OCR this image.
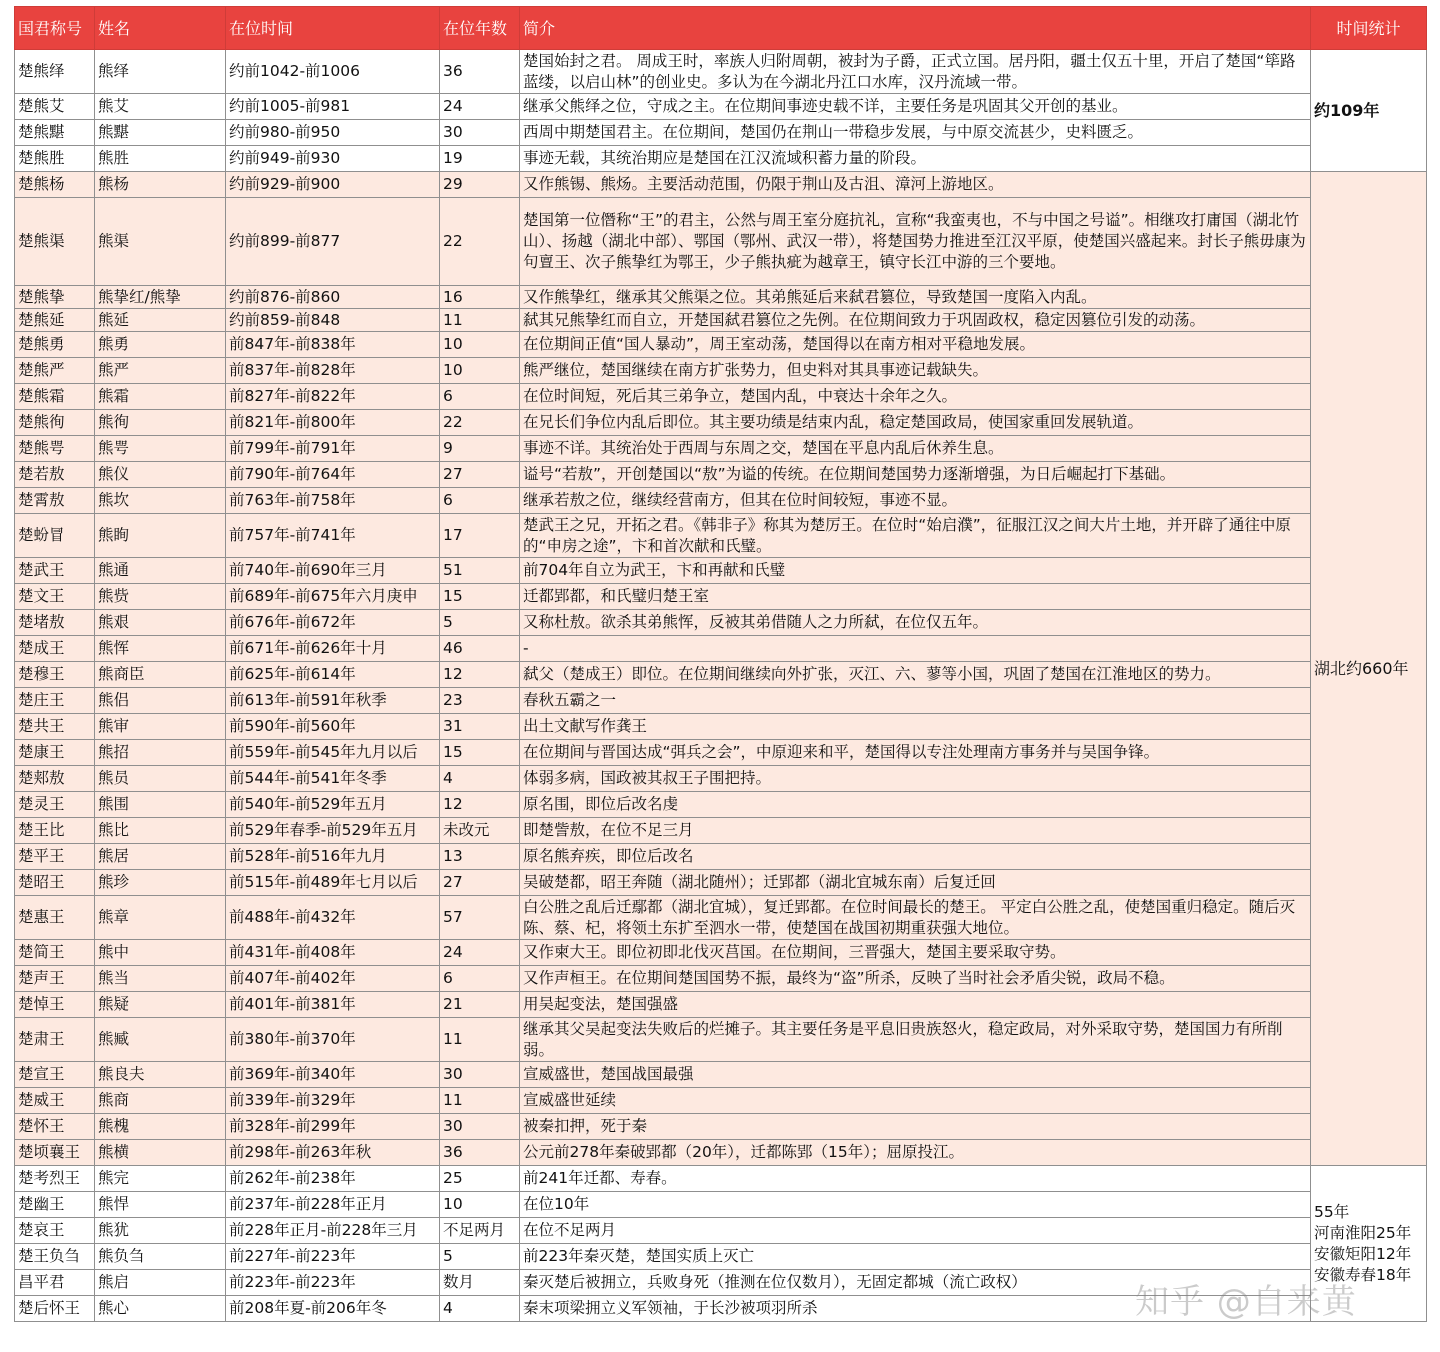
国君称号	姓名	在位时间	在位年数	简介	时间统计
楚熊绎	熊绎	约前1042-前1006	36	楚国始封之君。 周成王时，率族人归附周朝，被封为子爵，正式立国。居丹阳，疆土仅五十里，开启了楚国“筚路蓝缕，以启山林”的创业史。多认为在今湖北丹江口水库，汉丹流域一带。	约109年

楚熊艾	熊艾	约前1005-前981	24	继承父熊绎之位，守成之主。在位期间事迹史载不详，主要任务是巩固其父开创的基业。	
楚熊黮	熊黮	约前980-前950	30	西周中期楚国君主。在位期间，楚国仍在荆山一带稳步发展，与中原交流甚少，史料匮乏。	
楚熊胜	熊胜	约前949-前930	19	事迹无载，其统治期应是楚国在江汉流域积蓄力量的阶段。	
楚熊杨	熊杨	约前929-前900	29	又作熊锡、熊炀。主要活动范围，仍限于荆山及古沮、漳河上游地区。	湖北约660年

楚熊渠	熊渠	约前899-前877	22	楚国第一位僭称“王”的君主，公然与周王室分庭抗礼，宣称“我蛮夷也，不与中国之号谥”。相继攻打庸国（湖北竹山）、扬越（湖北中部）、鄂国（鄂州、武汉一带），将楚国势力推进至江汉平原，使楚国兴盛起来。封长子熊毋康为句亶王、次子熊挚红为鄂王，少子熊执疵为越章王，镇守长江中游的三个要地。	
楚熊挚	熊挚红/熊挚	约前876-前860	16	又作熊挚红，继承其父熊渠之位。其弟熊延后来弑君篡位，导致楚国一度陷入内乱。	
楚熊延	熊延	约前859-前848	11	弑其兄熊挚红而自立，开楚国弑君篡位之先例。在位期间致力于巩固政权，稳定因篡位引发的动荡。	
楚熊勇	熊勇	前847年-前838年	10	在位期间正值“国人暴动”，周王室动荡，楚国得以在南方相对平稳地发展。	
楚熊严	熊严	前837年-前828年	10	熊严继位，楚国继续在南方扩张势力，但史料对其具事迹记载缺失。	
楚熊霜	熊霜	前827年-前822年	6	在位时间短，死后其三弟争立，楚国内乱，中衰达十余年之久。	
楚熊徇	熊徇	前821年-前800年	22	在兄长们争位内乱后即位。其主要功绩是结束内乱，稳定楚国政局，使国家重回发展轨道。	
楚熊咢	熊咢	前799年-前791年	9	事迹不详。其统治处于西周与东周之交，楚国在平息内乱后休养生息。	
楚若敖	熊仪	前790年-前764年	27	谥号“若敖”，开创楚国以“敖”为谥的传统。在位期间楚国势力逐渐增强，为日后崛起打下基础。	
楚霄敖	熊坎	前763年-前758年	6	继承若敖之位，继续经营南方，但其在位时间较短，事迹不显。	
楚蚡冒	熊眴	前757年-前741年	17	楚武王之兄，开拓之君。《韩非子》称其为楚厉王。在位时“始启濮”，征服江汉之间大片土地，并开辟了通往中原的“申房之途”，卞和首次献和氏璧。	
楚武王	熊通	前740年-前690年三月	51	前704年自立为武王，卞和再献和氏璧	
楚文王	熊赀	前689年-前675年六月庚申	15	迁都郢都，和氏璧归楚王室	
楚堵敖	熊艰	前676年-前672年	5	又称杜敖。欲杀其弟熊恽，反被其弟借随人之力所弑，在位仅五年。	
楚成王	熊恽	前671年-前626年十月	46	-	
楚穆王	熊商臣	前625年-前614年	12	弑父（楚成王）即位。在位期间继续向外扩张，灭江、六、蓼等小国，巩固了楚国在江淮地区的势力。	
楚庄王	熊侣	前613年-前591年秋季	23	春秋五霸之一	
楚共王	熊审	前590年-前560年	31	出土文献写作龚王	
楚康王	熊招	前559年-前545年九月以后	15	在位期间与晋国达成“弭兵之会”，中原迎来和平，楚国得以专注处理南方事务并与吴国争锋。	
楚郏敖	熊员	前544年-前541年冬季	4	体弱多病，国政被其叔王子围把持。	
楚灵王	熊围	前540年-前529年五月	12	原名围，即位后改名虔	
楚王比	熊比	前529年春季-前529年五月	未改元	即楚訾敖，在位不足三月	
楚平王	熊居	前528年-前516年九月	13	原名熊弃疾，即位后改名	
楚昭王	熊珍	前515年-前489年七月以后	27	吴破楚都，昭王奔随（湖北随州）；迁郢都（湖北宜城东南）后复迁回	
楚惠王	熊章	前488年-前432年	57	白公胜之乱后迁鄢都（湖北宜城），复迁郢都。在位时间最长的楚王。 平定白公胜之乱，使楚国重归稳定。随后灭陈、蔡、杞，将领土东扩至泗水一带，使楚国在战国初期重获强大地位。	
楚简王	熊中	前431年-前408年	24	又作柬大王。即位初即北伐灭莒国。在位期间，三晋强大，楚国主要采取守势。	
楚声王	熊当	前407年-前402年	6	又作声桓王。在位期间楚国国势不振，最终为“盗”所杀，反映了当时社会矛盾尖锐，政局不稳。	
楚悼王	熊疑	前401年-前381年	21	用吴起变法，楚国强盛	
楚肃王	熊臧	前380年-前370年	11	继承其父吴起变法失败后的烂摊子。其主要任务是平息旧贵族怒火，稳定政局，对外采取守势，楚国国力有所削弱。	
楚宣王	熊良夫	前369年-前340年	30	宣威盛世，楚国战国最强	
楚威王	熊商	前339年-前329年	11	宣威盛世延续	
楚怀王	熊槐	前328年-前299年	30	被秦扣押，死于秦	
楚顷襄王	熊横	前298年-前263年秋	36	公元前278年秦破郢都（20年），迁都陈郢（15年）；屈原投江。	
楚考烈王	熊完	前262年-前238年	25	前241年迁都、寿春。	55年
河南淮阳25年
安徽矩阳12年
安徽寿春18年

楚幽王	熊悍	前237年-前228年正月	10	在位10年	
楚哀王	熊犹	前228年正月-前228年三月	不足两月	在位不足两月	
楚王负刍	熊负刍	前227年-前223年	5	前223年秦灭楚，楚国实质上灭亡	
昌平君	熊启	前223年-前223年	数月	秦灭楚后被拥立，兵败身死（推测在位仅数月），无固定都城（流亡政权）	
楚后怀王	熊心	前208年夏-前206年冬	4	秦末项梁拥立义军领袖，于长沙被项羽所杀		知乎 @自来黄
